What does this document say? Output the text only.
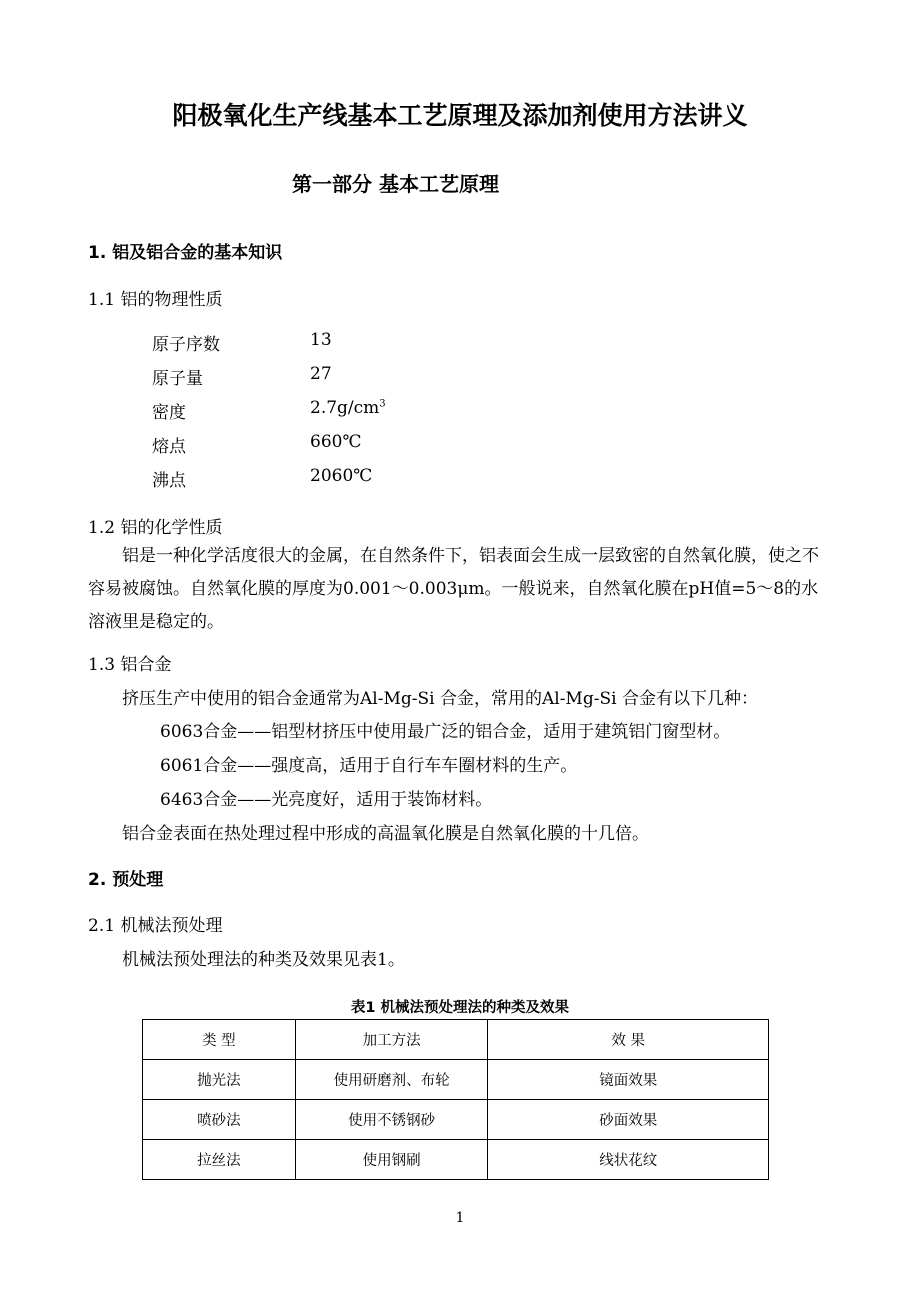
阳极氧化生产线基本工艺原理及添加剂使用方法讲义
第一部分 基本工艺原理
1. 铝及铝合金的基本知识
1.1 铝的物理性质
原子序数	13
原子量	27
密度	$2.7g/cm^3$
熔点	660℃
沸点	2060℃
1.2 铝的化学性质
铝是一种化学活度很大的金属，在自然条件下，铝表面会生成一层致密的自然氧化膜，使之不容易被腐蚀。自然氧化膜的厚度为0.001～0.003μm。一般说来，自然氧化膜在pH值=5～8的水溶液里是稳定的。
1.3 铝合金
挤压生产中使用的铝合金通常为Al-Mg-Si 合金，常用的Al-Mg-Si 合金有以下几种：
6063合金——铝型材挤压中使用最广泛的铝合金，适用于建筑铝门窗型材。
6061合金——强度高，适用于自行车车圈材料的生产。
6463合金——光亮度好，适用于装饰材料。
铝合金表面在热处理过程中形成的高温氧化膜是自然氧化膜的十几倍。
2. 预处理
2.1 机械法预处理
机械法预处理法的种类及效果见表1。
表1 机械法预处理法的种类及效果
类 型	加工方法	效 果
抛光法	使用研磨剂、布轮	镜面效果
喷砂法	使用不锈钢砂	砂面效果
拉丝法	使用钢刷	线状花纹
1
